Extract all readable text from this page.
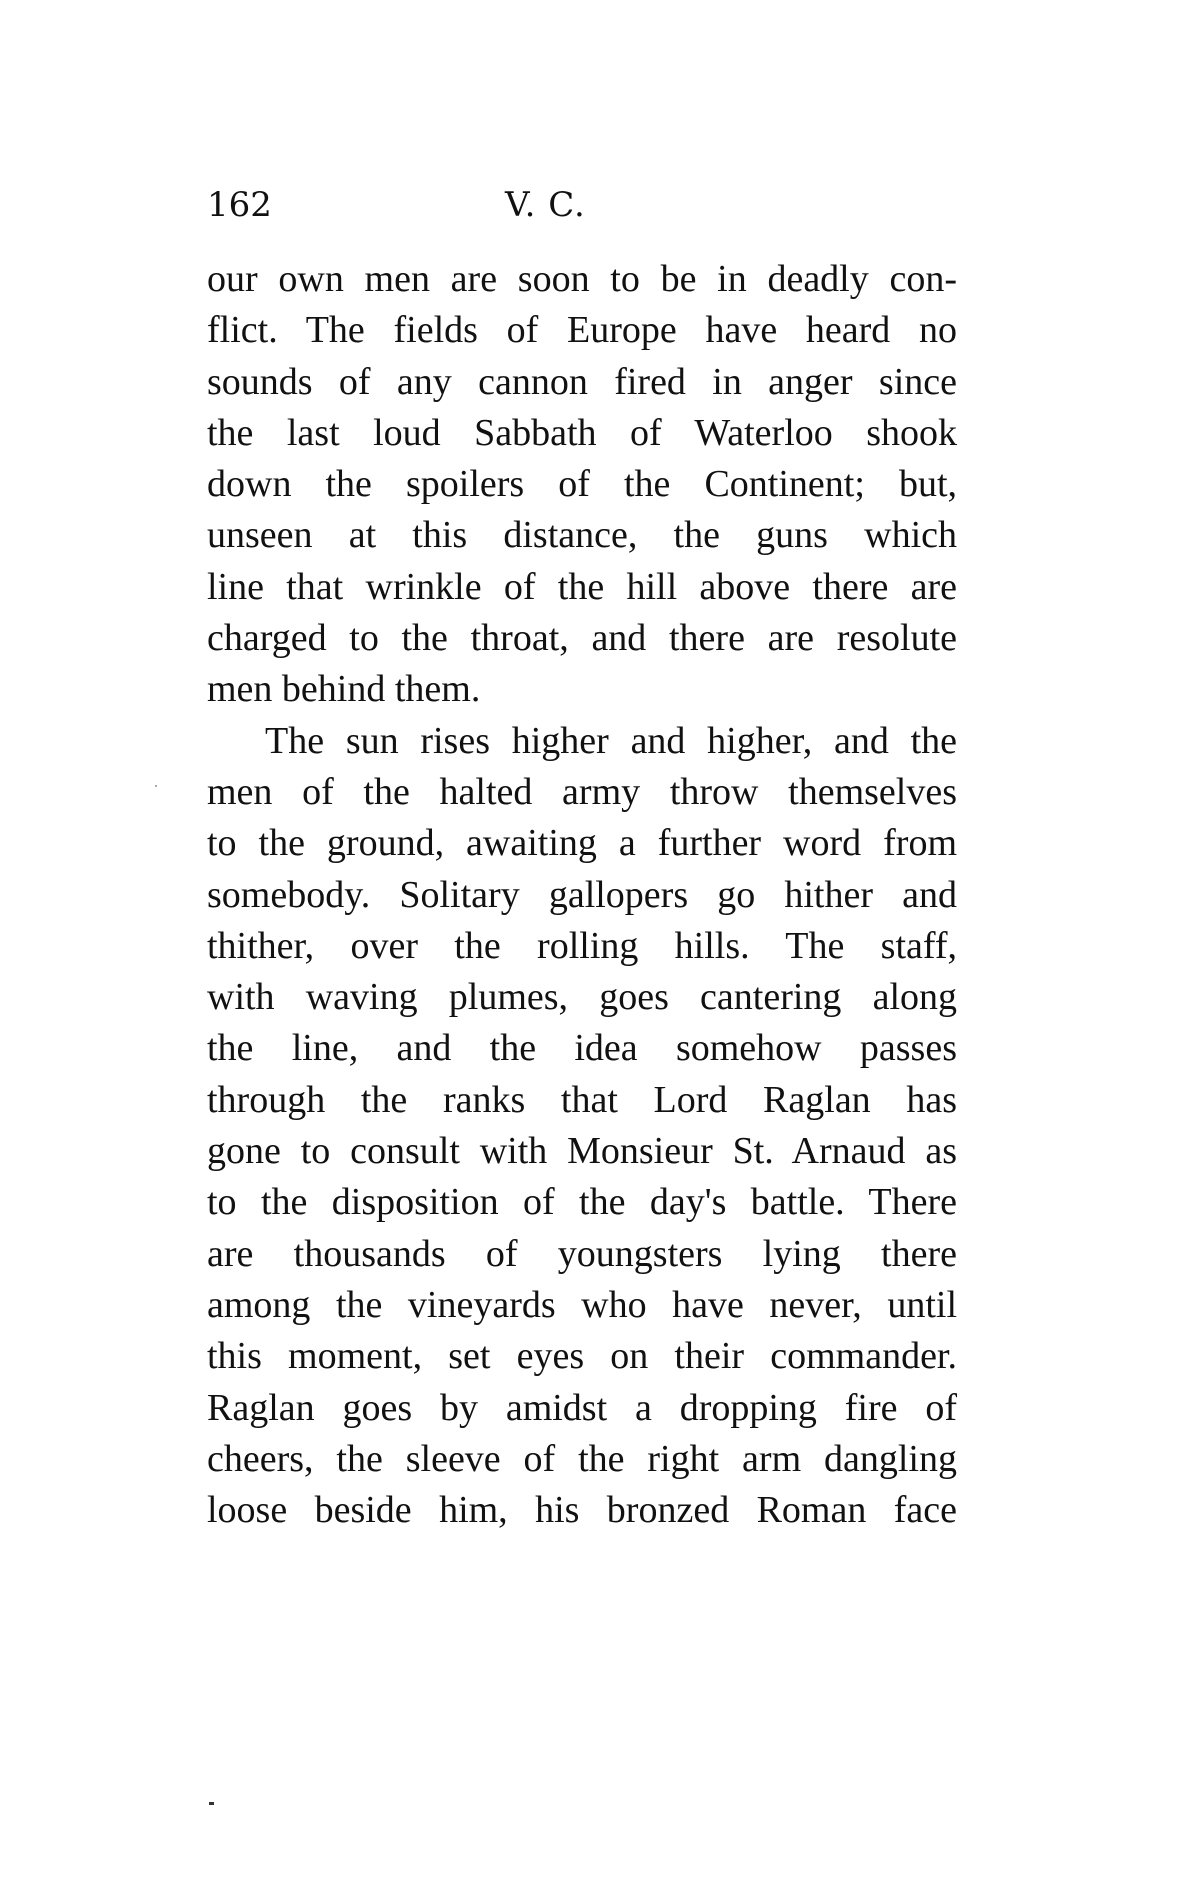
162	V. C.
our own men are soon to be in deadly con-
flict. The fields of Europe have heard no
sounds of any cannon fired in anger since
the last loud Sabbath of Waterloo shook
down the spoilers of the Continent; but,
unseen at this distance, the guns which
line that wrinkle of the hill above there are
charged to the throat, and there are resolute
men behind them.
The sun rises higher and higher, and the
men of the halted army throw themselves
to the ground, awaiting a further word from
somebody. Solitary gallopers go hither and
thither, over the rolling hills. The staff,
with waving plumes, goes cantering along
the line, and the idea somehow passes
through the ranks that Lord Raglan has
gone to consult with Monsieur St. Arnaud as
to the disposition of the day's battle. There
are thousands of youngsters lying there
among the vineyards who have never, until
this moment, set eyes on their commander.
Raglan goes by amidst a dropping fire of
cheers, the sleeve of the right arm dangling
loose beside him, his bronzed Roman face
